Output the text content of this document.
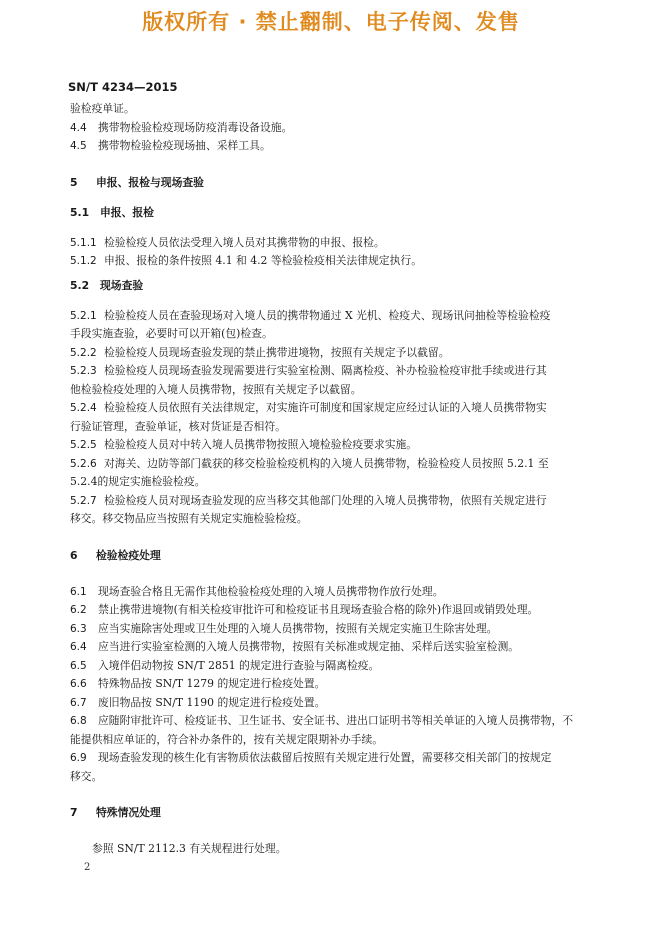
版权所有 · 禁止翻制、电子传阅、发售
SN/T 4234—2015
验检疫单证。
4.4 携带物检验检疫现场防疫消毒设备设施。
4.5 携带物检验检疫现场抽、采样工具。
5 申报、报检与现场查验
5.1 申报、报检
5.1.1 检验检疫人员依法受理入境人员对其携带物的申报、报检。
5.1.2 申报、报检的条件按照 4.1 和 4.2 等检验检疫相关法律规定执行。
5.2 现场查验
5.2.1 检验检疫人员在查验现场对入境人员的携带物通过 X 光机、检疫犬、现场讯问抽检等检验检疫
手段实施查验，必要时可以开箱(包)检查。
5.2.2 检验检疫人员现场查验发现的禁止携带进境物，按照有关规定予以截留。
5.2.3 检验检疫人员现场查验发现需要进行实验室检测、隔离检疫、补办检验检疫审批手续或进行其
他检验检疫处理的入境人员携带物，按照有关规定予以截留。
5.2.4 检验检疫人员依照有关法律规定，对实施许可制度和国家规定应经过认证的入境人员携带物实
行验证管理，查验单证，核对货证是否相符。
5.2.5 检验检疫人员对中转入境人员携带物按照入境检验检疫要求实施。
5.2.6 对海关、边防等部门截获的移交检验检疫机构的入境人员携带物，检验检疫人员按照 5.2.1 至
5.2.4的规定实施检验检疫。
5.2.7 检验检疫人员对现场查验发现的应当移交其他部门处理的入境人员携带物，依照有关规定进行
移交。移交物品应当按照有关规定实施检验检疫。
6 检验检疫处理
6.1 现场查验合格且无需作其他检验检疫处理的入境人员携带物作放行处理。
6.2 禁止携带进境物(有相关检疫审批许可和检疫证书且现场查验合格的除外)作退回或销毁处理。
6.3 应当实施除害处理或卫生处理的入境人员携带物，按照有关规定实施卫生除害处理。
6.4 应当进行实验室检测的入境人员携带物，按照有关标准或规定抽、采样后送实验室检测。
6.5 入境伴侣动物按 SN/T 2851 的规定进行查验与隔离检疫。
6.6 特殊物品按 SN/T 1279 的规定进行检疫处置。
6.7 废旧物品按 SN/T 1190 的规定进行检疫处置。
6.8 应随附审批许可、检疫证书、卫生证书、安全证书、进出口证明书等相关单证的入境人员携带物，不
能提供相应单证的，符合补办条件的，按有关规定限期补办手续。
6.9 现场查验发现的核生化有害物质依法截留后按照有关规定进行处置，需要移交相关部门的按规定
移交。
7 特殊情况处理
参照 SN/T 2112.3 有关规程进行处理。
2
